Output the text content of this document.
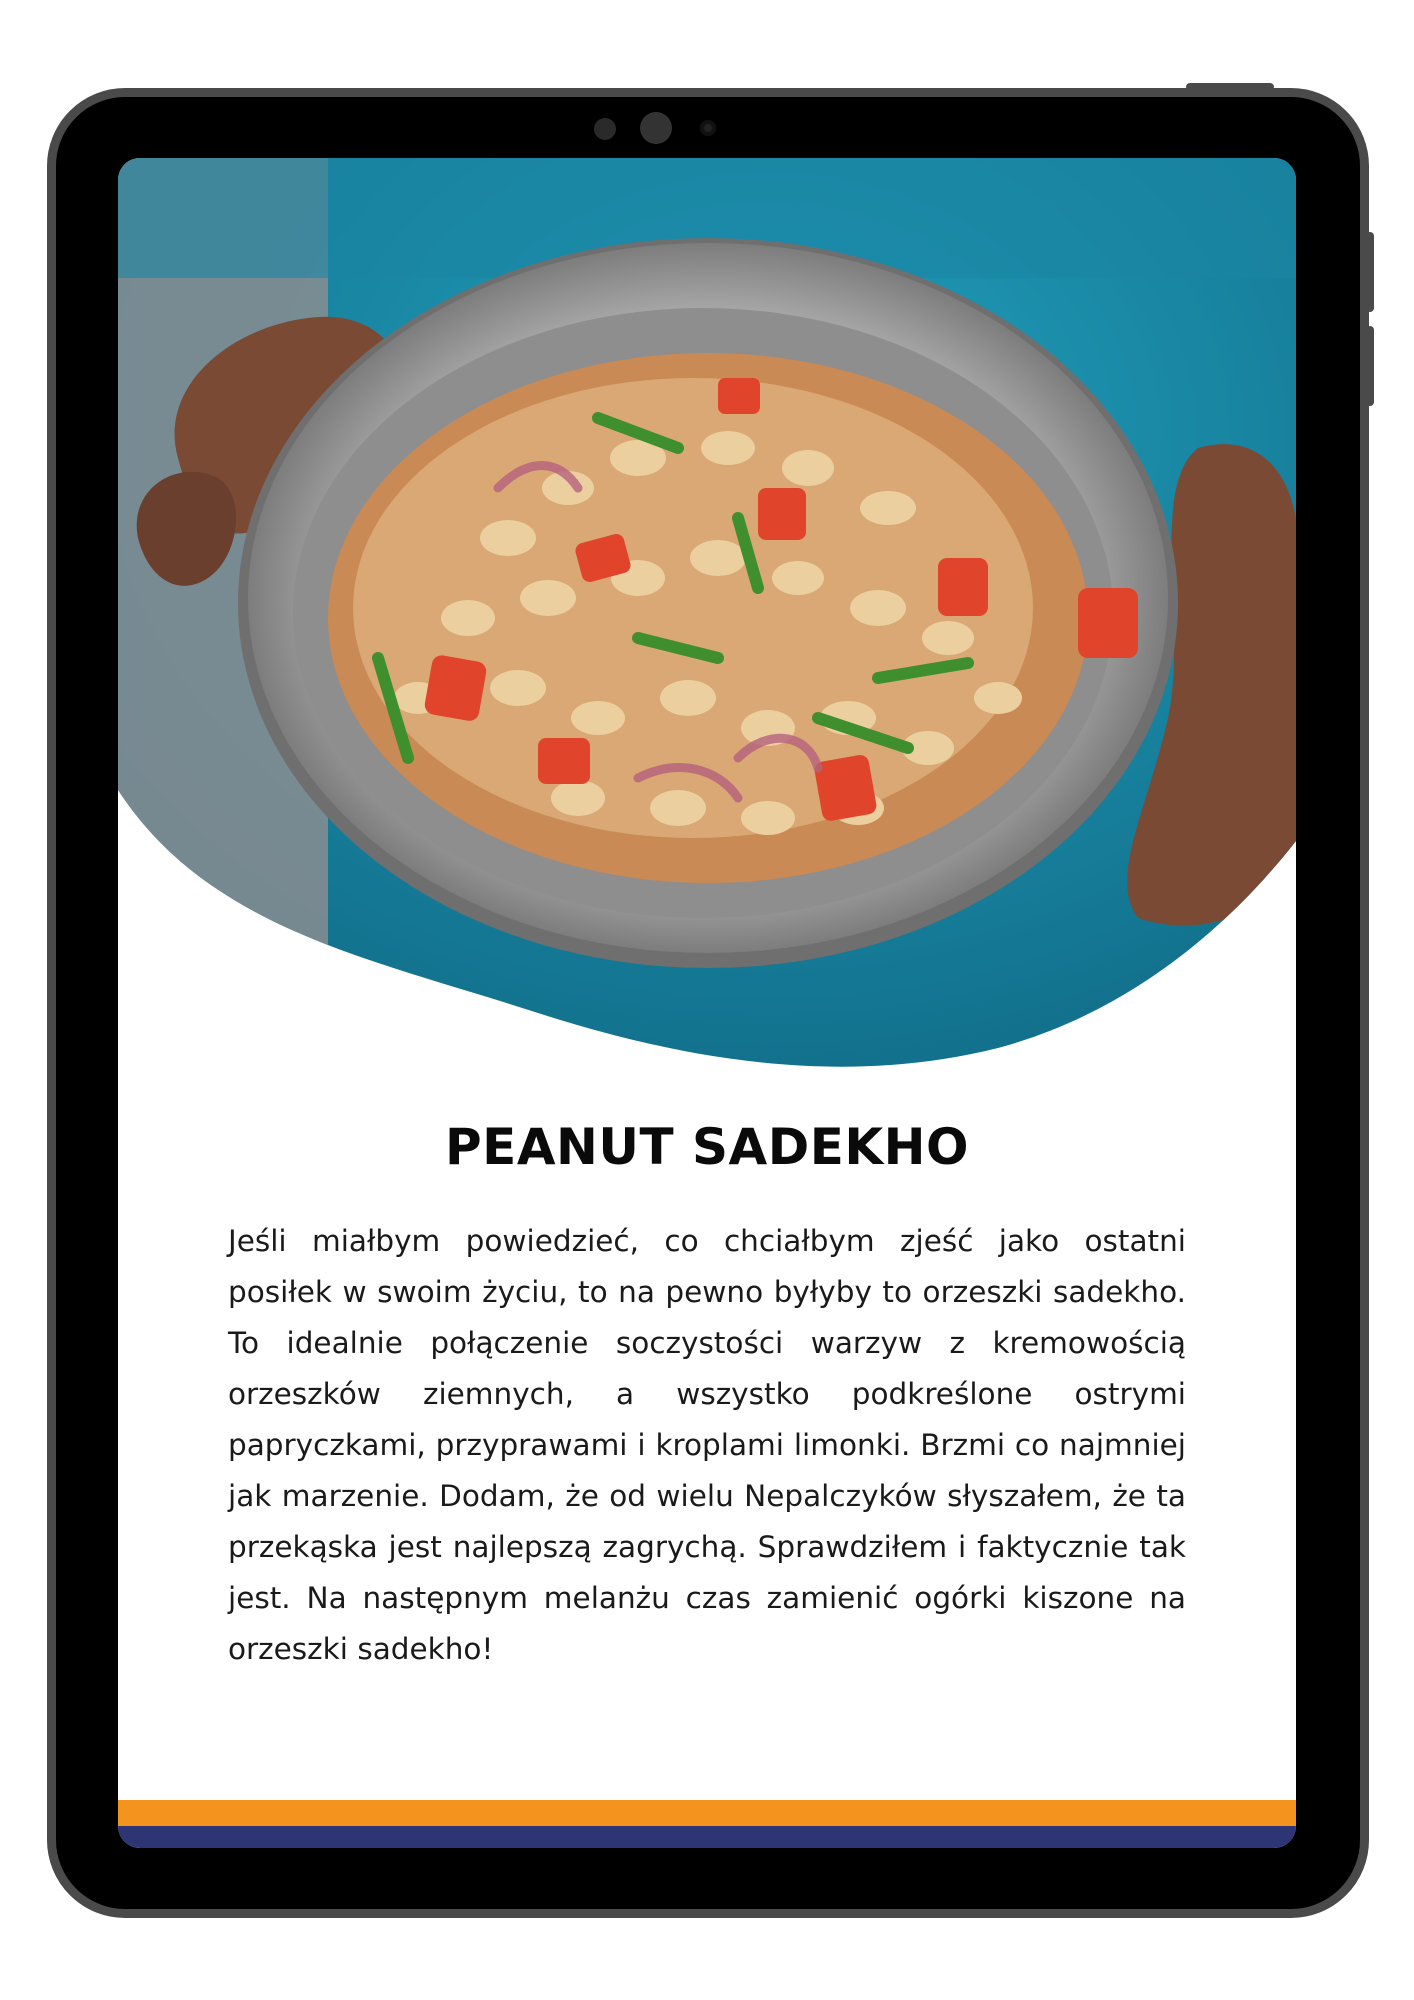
PEANUT SADEKHO

Jeśli miałbym powiedzieć, co chciałbym zjeść jako ostatni posiłek w swoim życiu, to na pewno byłyby to orzeszki sadekho. To idealnie połączenie soczystości warzyw z kremowością orzeszków ziemnych, a wszystko podkreślone ostrymi papryczkami, przyprawami i kroplami limonki. Brzmi co najmniej jak marzenie. Dodam, że od wielu Nepalczyków słyszałem, że ta przekąska jest najlepszą zagrychą. Sprawdziłem i faktycznie tak jest. Na następnym melanżu czas zamienić ogórki kiszone na orzeszki sadekho!
